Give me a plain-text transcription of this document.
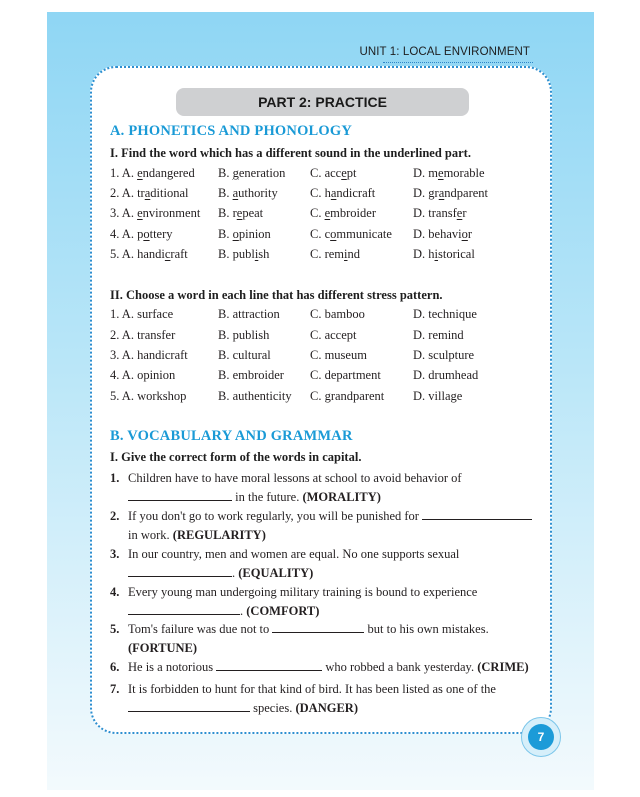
UNIT 1: LOCAL ENVIRONMENT
PART 2: PRACTICE
A. PHONETICS AND PHONOLOGY
I. Find the word which has a different sound in the underlined part.
1. A. endangered B. generation C. accept	D. memorable
2. A. traditional B. authority	C. handicraft	D. grandparent
3. A. environment B. repeat	C. embroider	D. transfer
4. A. pottery	B. opinion	C. communicate D. behavior
5. A. handicraft B. publish	C. remind	D. historical
II. Choose a word in each line that has different stress pattern.
1. A. surface	B. attraction C. bamboo	D. technique
2. A. transfer	B. publish	C. accept	D. remind
3. A. handicraft B. cultural	C. museum	D. sculpture
4. A. opinion	B. embroider C. department	D. drumhead
5. A. workshop	B. authenticity C. grandparent D. village
B. VOCABULARY AND GRAMMAR
I. Give the correct form of the words in capital.
1. Children have to have moral lessons at school to avoid behavior of
in the future. (MORALITY)
2. If you don't go to work regularly, you will be punished for
in work. (REGULARITY)
3. In our country, men and women are equal. No one supports sexual
. (EQUALITY)
4. Every young man undergoing military training is bound to experience
. (COMFORT)
5. Tom's failure was due not to	but to his own mistakes.
(FORTUNE)
6. He is a notorious	who robbed a bank yesterday. (CRIME)
7. It is forbidden to hunt for that kind of bird. It has been listed as one of the
species. (DANGER)
7
